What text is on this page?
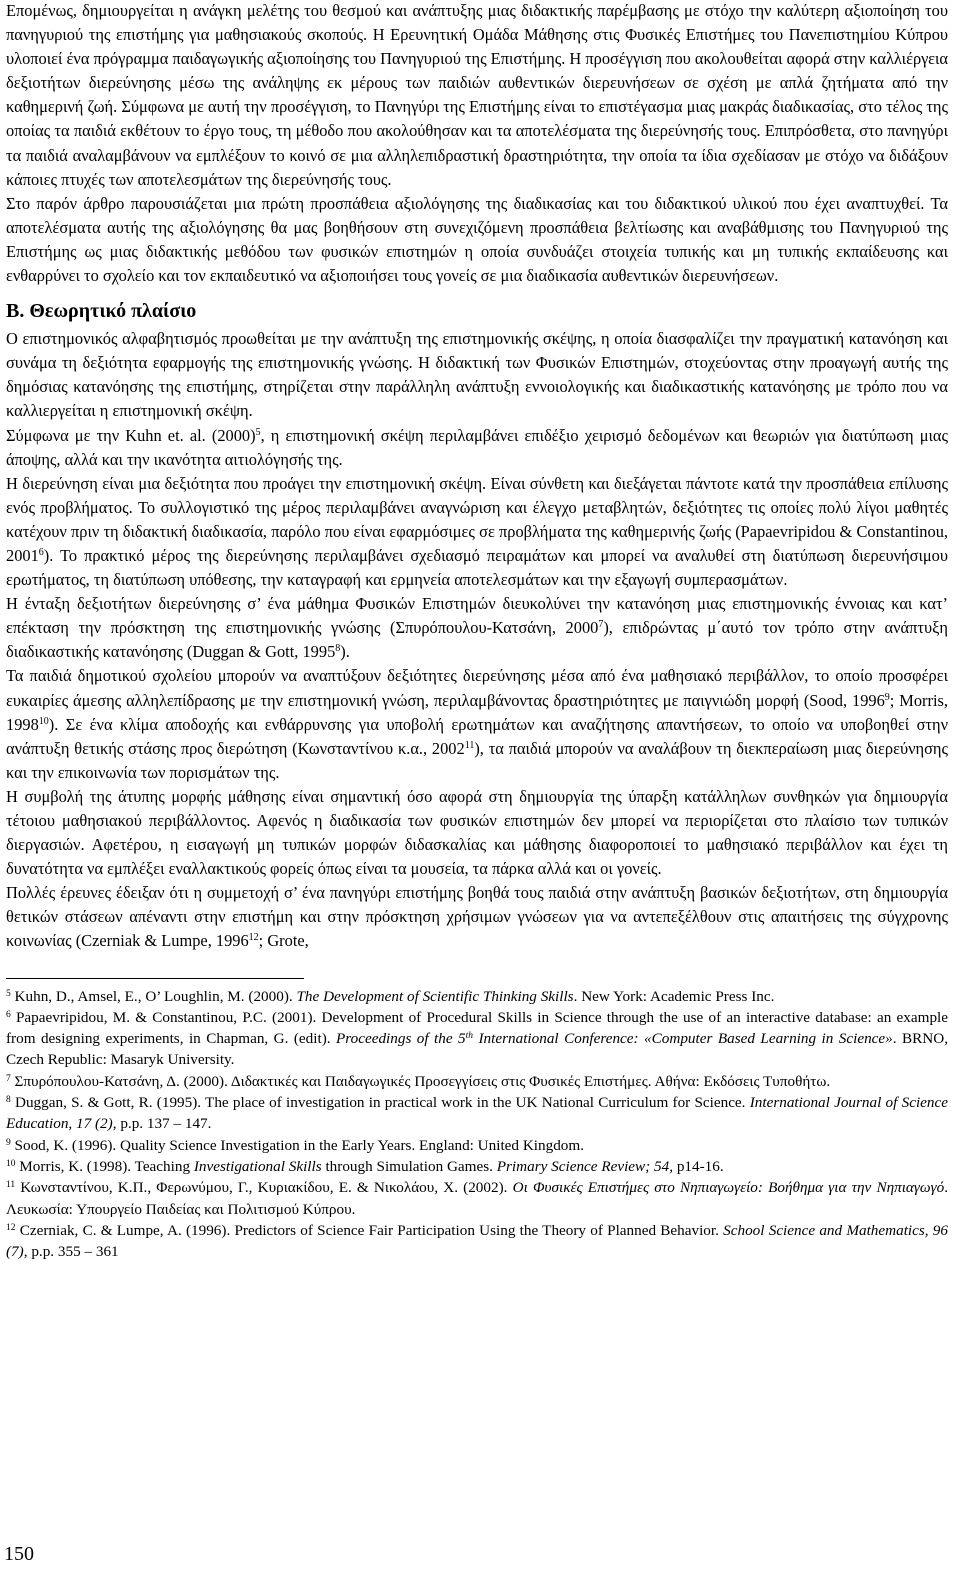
Επομένως, δημιουργείται η ανάγκη μελέτης του θεσμού και ανάπτυξης μιας διδακτικής παρέμβασης με στόχο την καλύτερη αξιοποίηση του πανηγυριού της επιστήμης για μαθησιακούς σκοπούς. Η Ερευνητική Ομάδα Μάθησης στις Φυσικές Επιστήμες του Πανεπιστημίου Κύπρου υλοποιεί ένα πρόγραμμα παιδαγωγικής αξιοποίησης του Πανηγυριού της Επιστήμης. Η προσέγγιση που ακολουθείται αφορά στην καλλιέργεια δεξιοτήτων διερεύνησης μέσω της ανάληψης εκ μέρους των παιδιών αυθεντικών διερευνήσεων σε σχέση με απλά ζητήματα από την καθημερινή ζωή. Σύμφωνα με αυτή την προσέγγιση, το Πανηγύρι της Επιστήμης είναι το επιστέγασμα μιας μακράς διαδικασίας, στο τέλος της οποίας τα παιδιά εκθέτουν το έργο τους, τη μέθοδο που ακολούθησαν και τα αποτελέσματα της διερεύνησής τους. Επιπρόσθετα, στο πανηγύρι τα παιδιά αναλαμβάνουν να εμπλέξουν το κοινό σε μια αλληλεπιδραστική δραστηριότητα, την οποία τα ίδια σχεδίασαν με στόχο να διδάξουν κάποιες πτυχές των αποτελεσμάτων της διερεύνησής τους.

Στο παρόν άρθρο παρουσιάζεται μια πρώτη προσπάθεια αξιολόγησης της διαδικασίας και του διδακτικού υλικού που έχει αναπτυχθεί. Τα αποτελέσματα αυτής της αξιολόγησης θα μας βοηθήσουν στη συνεχιζόμενη προσπάθεια βελτίωσης και αναβάθμισης του Πανηγυριού της Επιστήμης ως μιας διδακτικής μεθόδου των φυσικών επιστημών η οποία συνδυάζει στοιχεία τυπικής και μη τυπικής εκπαίδευσης και ενθαρρύνει το σχολείο και τον εκπαιδευτικό να αξιοποιήσει τους γονείς σε μια διαδικασία αυθεντικών διερευνήσεων.

Β. Θεωρητικό πλαίσιο

Ο επιστημονικός αλφαβητισμός προωθείται με την ανάπτυξη της επιστημονικής σκέψης, η οποία διασφαλίζει την πραγματική κατανόηση και συνάμα τη δεξιότητα εφαρμογής της επιστημονικής γνώσης. Η διδακτική των Φυσικών Επιστημών, στοχεύοντας στην προαγωγή αυτής της δημόσιας κατανόησης της επιστήμης, στηρίζεται στην παράλληλη ανάπτυξη εννοιολογικής και διαδικαστικής κατανόησης με τρόπο που να καλλιεργείται η επιστημονική σκέψη.

Σύμφωνα με την Kuhn et. al. $(2000)^5$, η επιστημονική σκέψη περιλαμβάνει επιδέξιο χειρισμό δεδομένων και θεωριών για διατύπωση μιας άποψης, αλλά και την ικανότητα αιτιολόγησής της.

Η διερεύνηση είναι μια δεξιότητα που προάγει την επιστημονική σκέψη. Είναι σύνθετη και διεξάγεται πάντοτε κατά την προσπάθεια επίλυσης ενός προβλήματος. Το συλλογιστικό της μέρος περιλαμβάνει αναγνώριση και έλεγχο μεταβλητών, δεξιότητες τις οποίες πολύ λίγοι μαθητές κατέχουν πριν τη διδακτική διαδικασία, παρόλο που είναι εφαρμόσιμες σε προβλήματα της καθημερινής ζωής (Papaevripidou & Constantinou, 2001$^6$). Το πρακτικό μέρος της διερεύνησης περιλαμβάνει σχεδιασμό πειραμάτων και μπορεί να αναλυθεί στη διατύπωση διερευνήσιμου ερωτήματος, τη διατύπωση υπόθεσης, την καταγραφή και ερμηνεία αποτελεσμάτων και την εξαγωγή συμπερασμάτων.

Η ένταξη δεξιοτήτων διερεύνησης σ’ ένα μάθημα Φυσικών Επιστημών διευκολύνει την κατανόηση μιας επιστημονικής έννοιας και κατ’ επέκταση την πρόσκτηση της επιστημονικής γνώσης (Σπυρόπουλου-Κατσάνη, 2000$^7$), επιδρώντας μ΄αυτό τον τρόπο στην ανάπτυξη διαδικαστικής κατανόησης (Duggan & Gott, 1995$^8$).

Τα παιδιά δημοτικού σχολείου μπορούν να αναπτύξουν δεξιότητες διερεύνησης μέσα από ένα μαθησιακό περιβάλλον, το οποίο προσφέρει ευκαιρίες άμεσης αλληλεπίδρασης με την επιστημονική γνώση, περιλαμβάνοντας δραστηριότητες με παιγνιώδη μορφή (Sood, 1996$^9$; Morris, 1998$^{10}$). Σε ένα κλίμα αποδοχής και ενθάρρυνσης για υποβολή ερωτημάτων και αναζήτησης απαντήσεων, το οποίο να υποβοηθεί στην ανάπτυξη θετικής στάσης προς διερώτηση (Κωνσταντίνου κ.α., 2002$^{11}$), τα παιδιά μπορούν να αναλάβουν τη διεκπεραίωση μιας διερεύνησης και την επικοινωνία των πορισμάτων της.

Η συμβολή της άτυπης μορφής μάθησης είναι σημαντική όσο αφορά στη δημιουργία της ύπαρξη κατάλληλων συνθηκών για δημιουργία τέτοιου μαθησιακού περιβάλλοντος. Αφενός η διαδικασία των φυσικών επιστημών δεν μπορεί να περιορίζεται στο πλαίσιο των τυπικών διεργασιών. Αφετέρου, η εισαγωγή μη τυπικών μορφών διδασκαλίας και μάθησης διαφοροποιεί το μαθησιακό περιβάλλον και έχει τη δυνατότητα να εμπλέξει εναλλακτικούς φορείς όπως είναι τα μουσεία, τα πάρκα αλλά και οι γονείς.

Πολλές έρευνες έδειξαν ότι η συμμετοχή σ’ ένα πανηγύρι επιστήμης βοηθά τους παιδιά στην ανάπτυξη βασικών δεξιοτήτων, στη δημιουργία θετικών στάσεων απέναντι στην επιστήμη και στην πρόσκτηση χρήσιμων γνώσεων για να αντεπεξέλθουν στις απαιτήσεις της σύγχρονης κοινωνίας (Czerniak & Lumpe, 1996$^{12}$; Grote,

$^5$ Kuhn, D., Amsel, E., O’ Loughlin, M. (2000). The Development of Scientific Thinking Skills. New York: Academic Press Inc.

$^6$ Papaevripidou, M. & Constantinou, P.C. (2001). Development of Procedural Skills in Science through the use of an interactive database: an example from designing experiments, in Chapman, G. (edit). Proceedings of the 5th International Conference: «Computer Based Learning in Science». BRNO, Czech Republic: Masaryk University.

$^7$ Σπυρόπουλου-Κατσάνη, Δ. (2000). Διδακτικές και Παιδαγωγικές Προσεγγίσεις στις Φυσικές Επιστήμες. Αθήνα: Εκδόσεις Τυποθήτω.

$^8$ Duggan, S. & Gott, R. (1995). The place of investigation in practical work in the UK National Curriculum for Science. International Journal of Science Education, 17 (2), p.p. 137 – 147.

$^9$ Sood, K. (1996). Quality Science Investigation in the Early Years. England: United Kingdom.

$^{10}$ Morris, K. (1998). Teaching Investigational Skills through Simulation Games. Primary Science Review; 54, p14-16.

$^{11}$ Κωνσταντίνου, Κ.Π., Φερωνύμου, Γ., Κυριακίδου, Ε. & Νικολάου, Χ. (2002). Οι Φυσικές Επιστήμες στο Νηπιαγωγείο: Βοήθημα για την Νηπιαγωγό. Λευκωσία: Υπουργείο Παιδείας και Πολιτισμού Κύπρου.

$^{12}$ Czerniak, C. & Lumpe, A. (1996). Predictors of Science Fair Participation Using the Theory of Planned Behavior. School Science and Mathematics, 96 (7), p.p. 355 – 361

150
